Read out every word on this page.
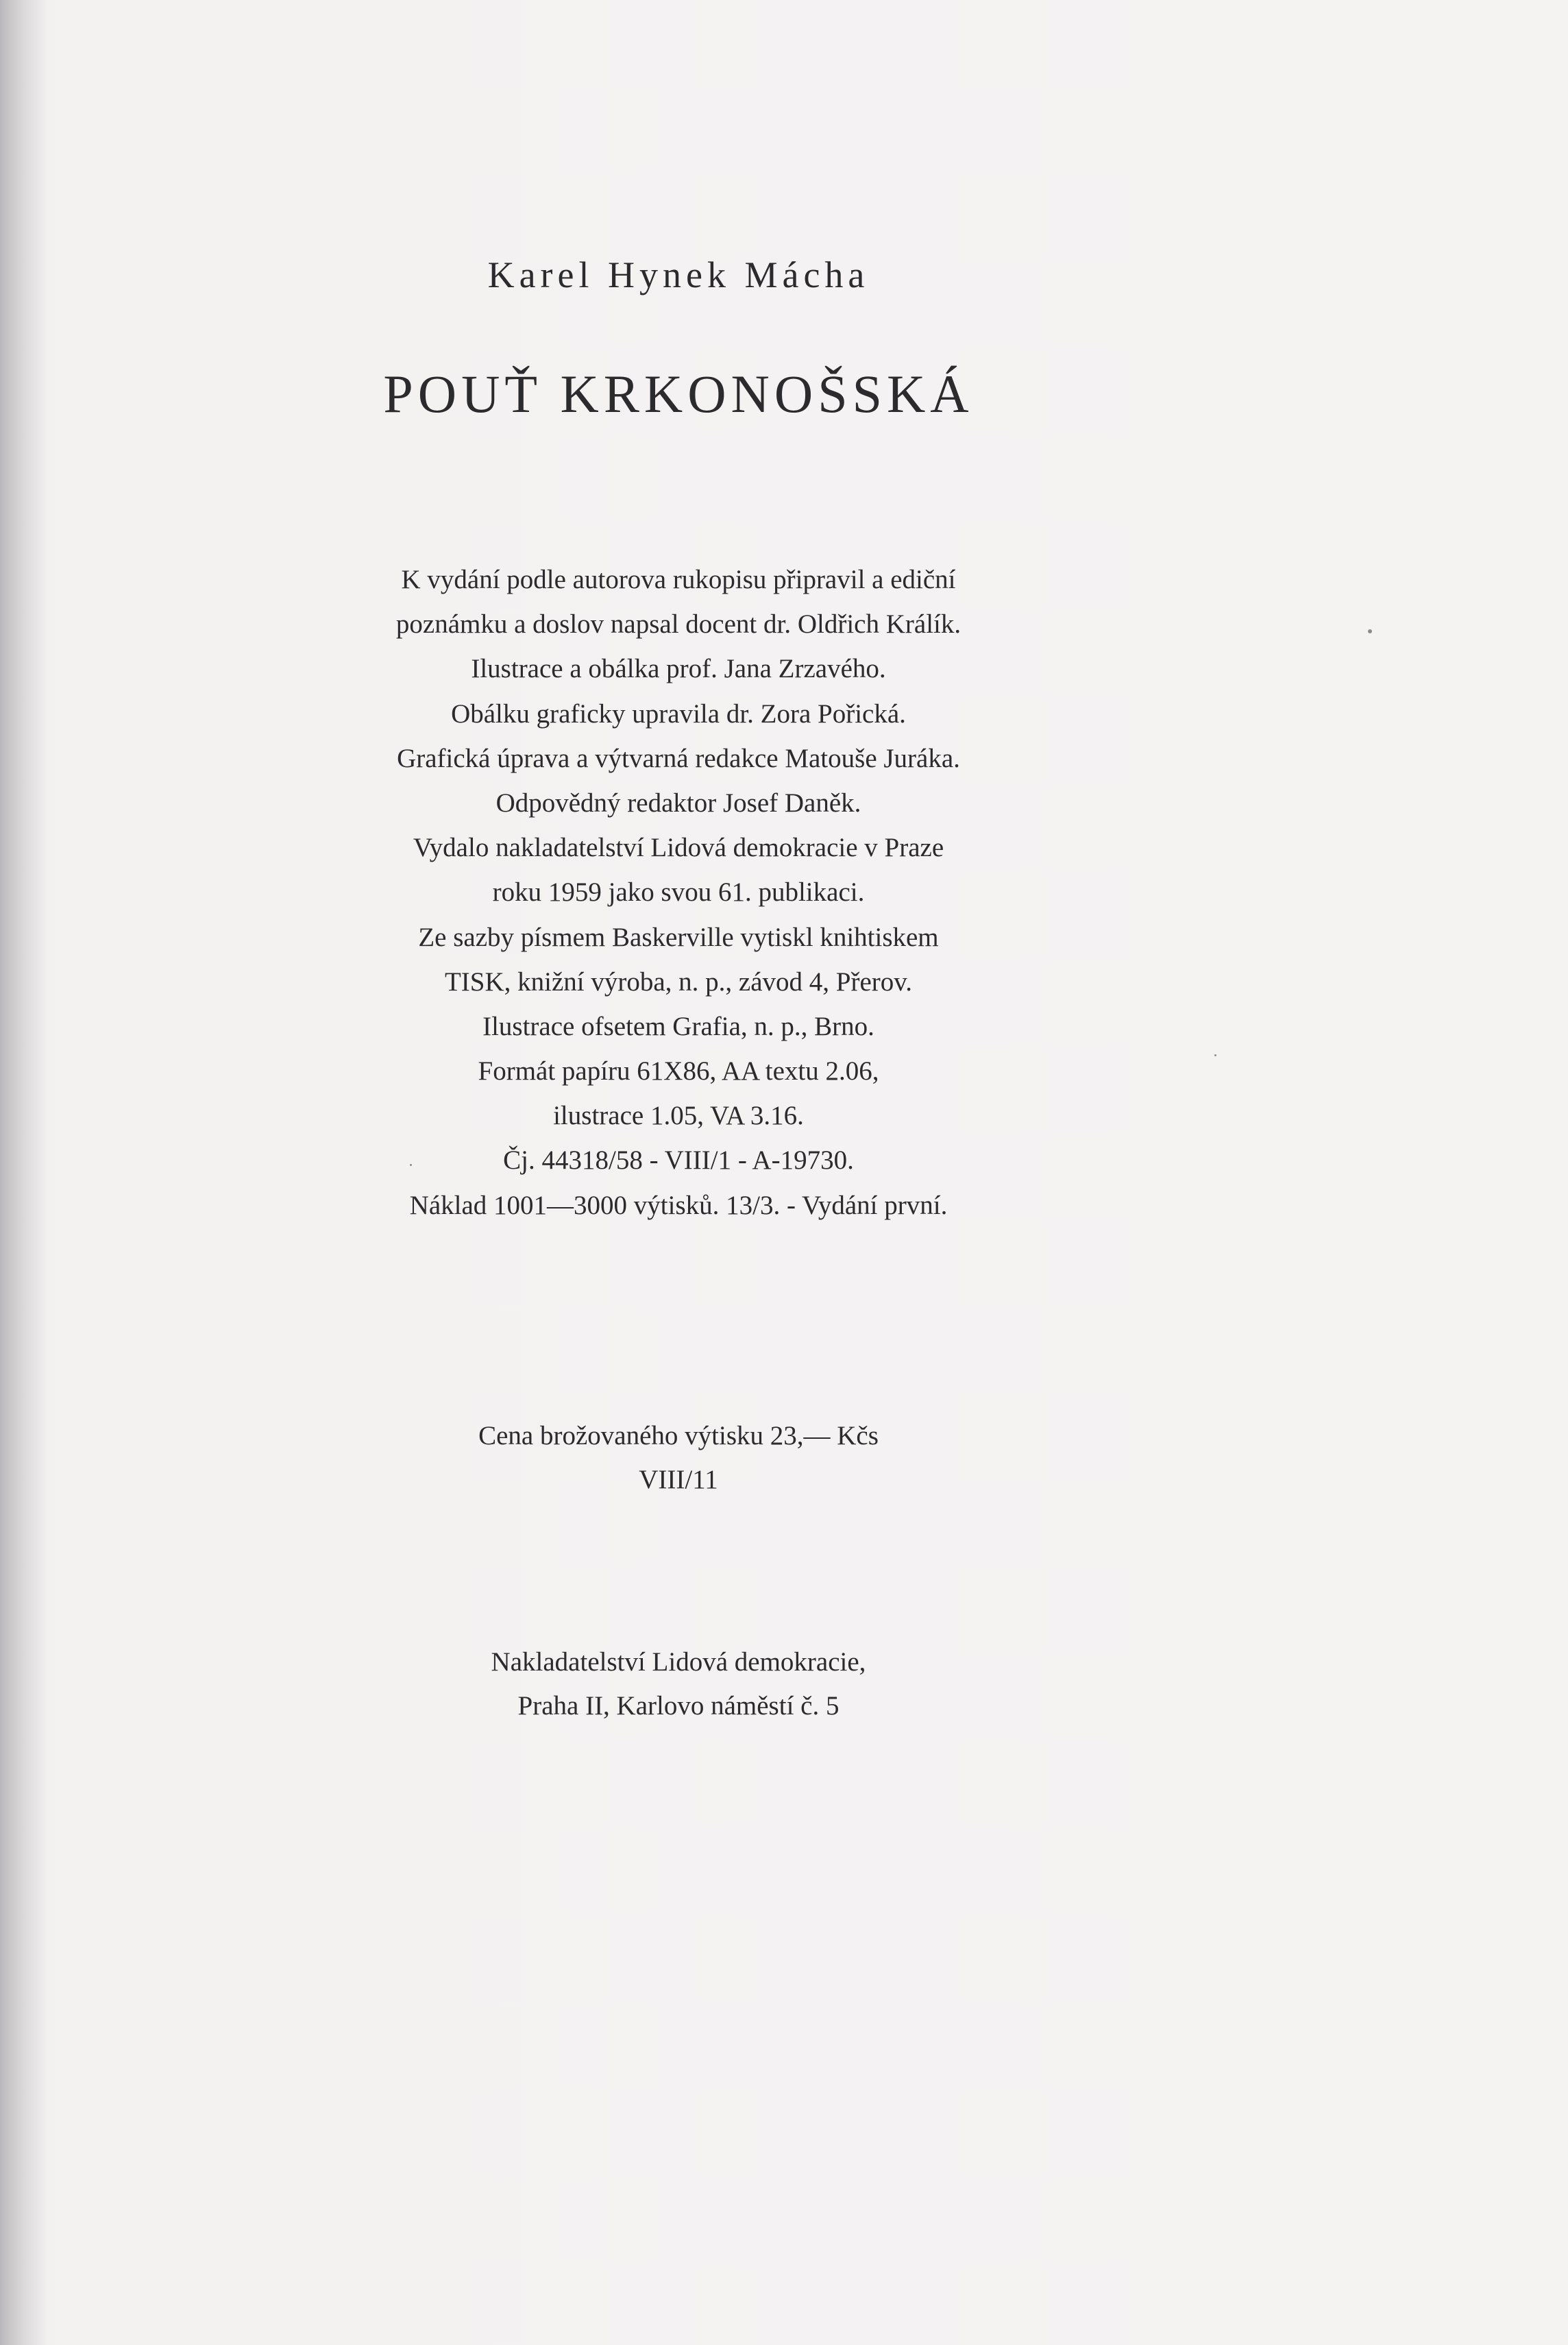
Karel Hynek Mácha
POUŤ KRKONOŠSKÁ
K vydání podle autorova rukopisu připravil a ediční
poznámku a doslov napsal docent dr. Oldřich Králík.
Ilustrace a obálka prof. Jana Zrzavého.
Obálku graficky upravila dr. Zora Pořická.
Grafická úprava a výtvarná redakce Matouše Juráka.
Odpovědný redaktor Josef Daněk.
Vydalo nakladatelství Lidová demokracie v Praze
roku 1959 jako svou 61. publikaci.
Ze sazby písmem Baskerville vytiskl knihtiskem
TISK, knižní výroba, n. p., závod 4, Přerov.
Ilustrace ofsetem Grafia, n. p., Brno.
Formát papíru 61X86, AA textu 2.06,
ilustrace 1.05, VA 3.16.
Čj. 44318/58 - VIII/1 - A-19730.
Náklad 1001—3000 výtisků. 13/3. - Vydání první.
Cena brožovaného výtisku 23,— Kčs
VIII/11
Nakladatelství Lidová demokracie,
Praha II, Karlovo náměstí č. 5
